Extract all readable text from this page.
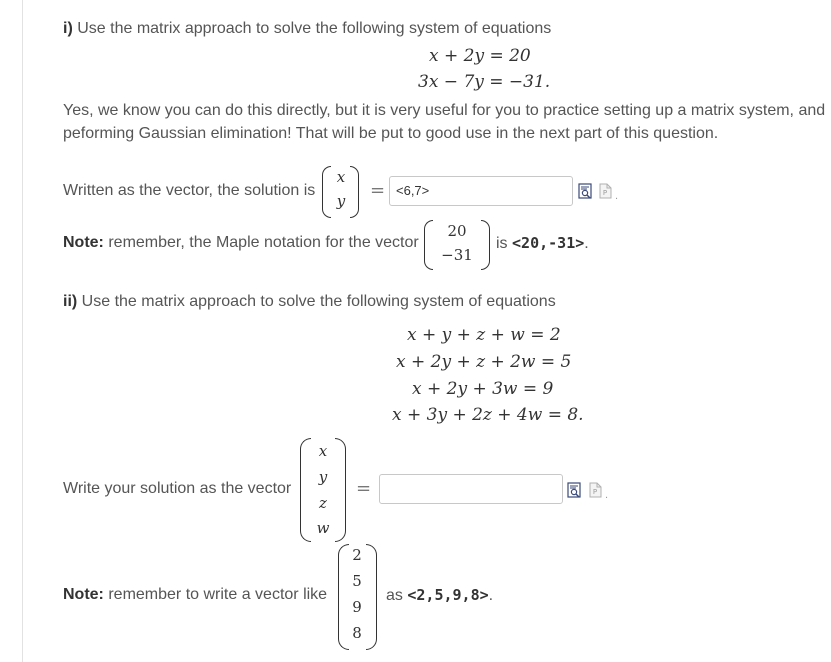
i) Use the matrix approach to solve the following system of equations
x + 2y = 20
3x − 7y = −31.
Yes, we know you can do this directly, but it is very useful for you to practice setting up a matrix system, and peforming Gaussian elimination! That will be put to good use in the next part of this question.
Written as the vector, the solution is
x
y	= <6,7>	P .
Note: remember, the Maple notation for the vector
20
−31
is <20,-31>.
ii) Use the matrix approach to solve the following system of equations
x + y + z + w = 2
x + 2y + z + 2w = 5
x + 2y + 3w = 9
x + 3y + 2z + 4w = 8.
Write your solution as the vector
x
y
z
w
=	P .
Note: remember to write a vector like
2
5
9
8
as <2,5,9,8>.
